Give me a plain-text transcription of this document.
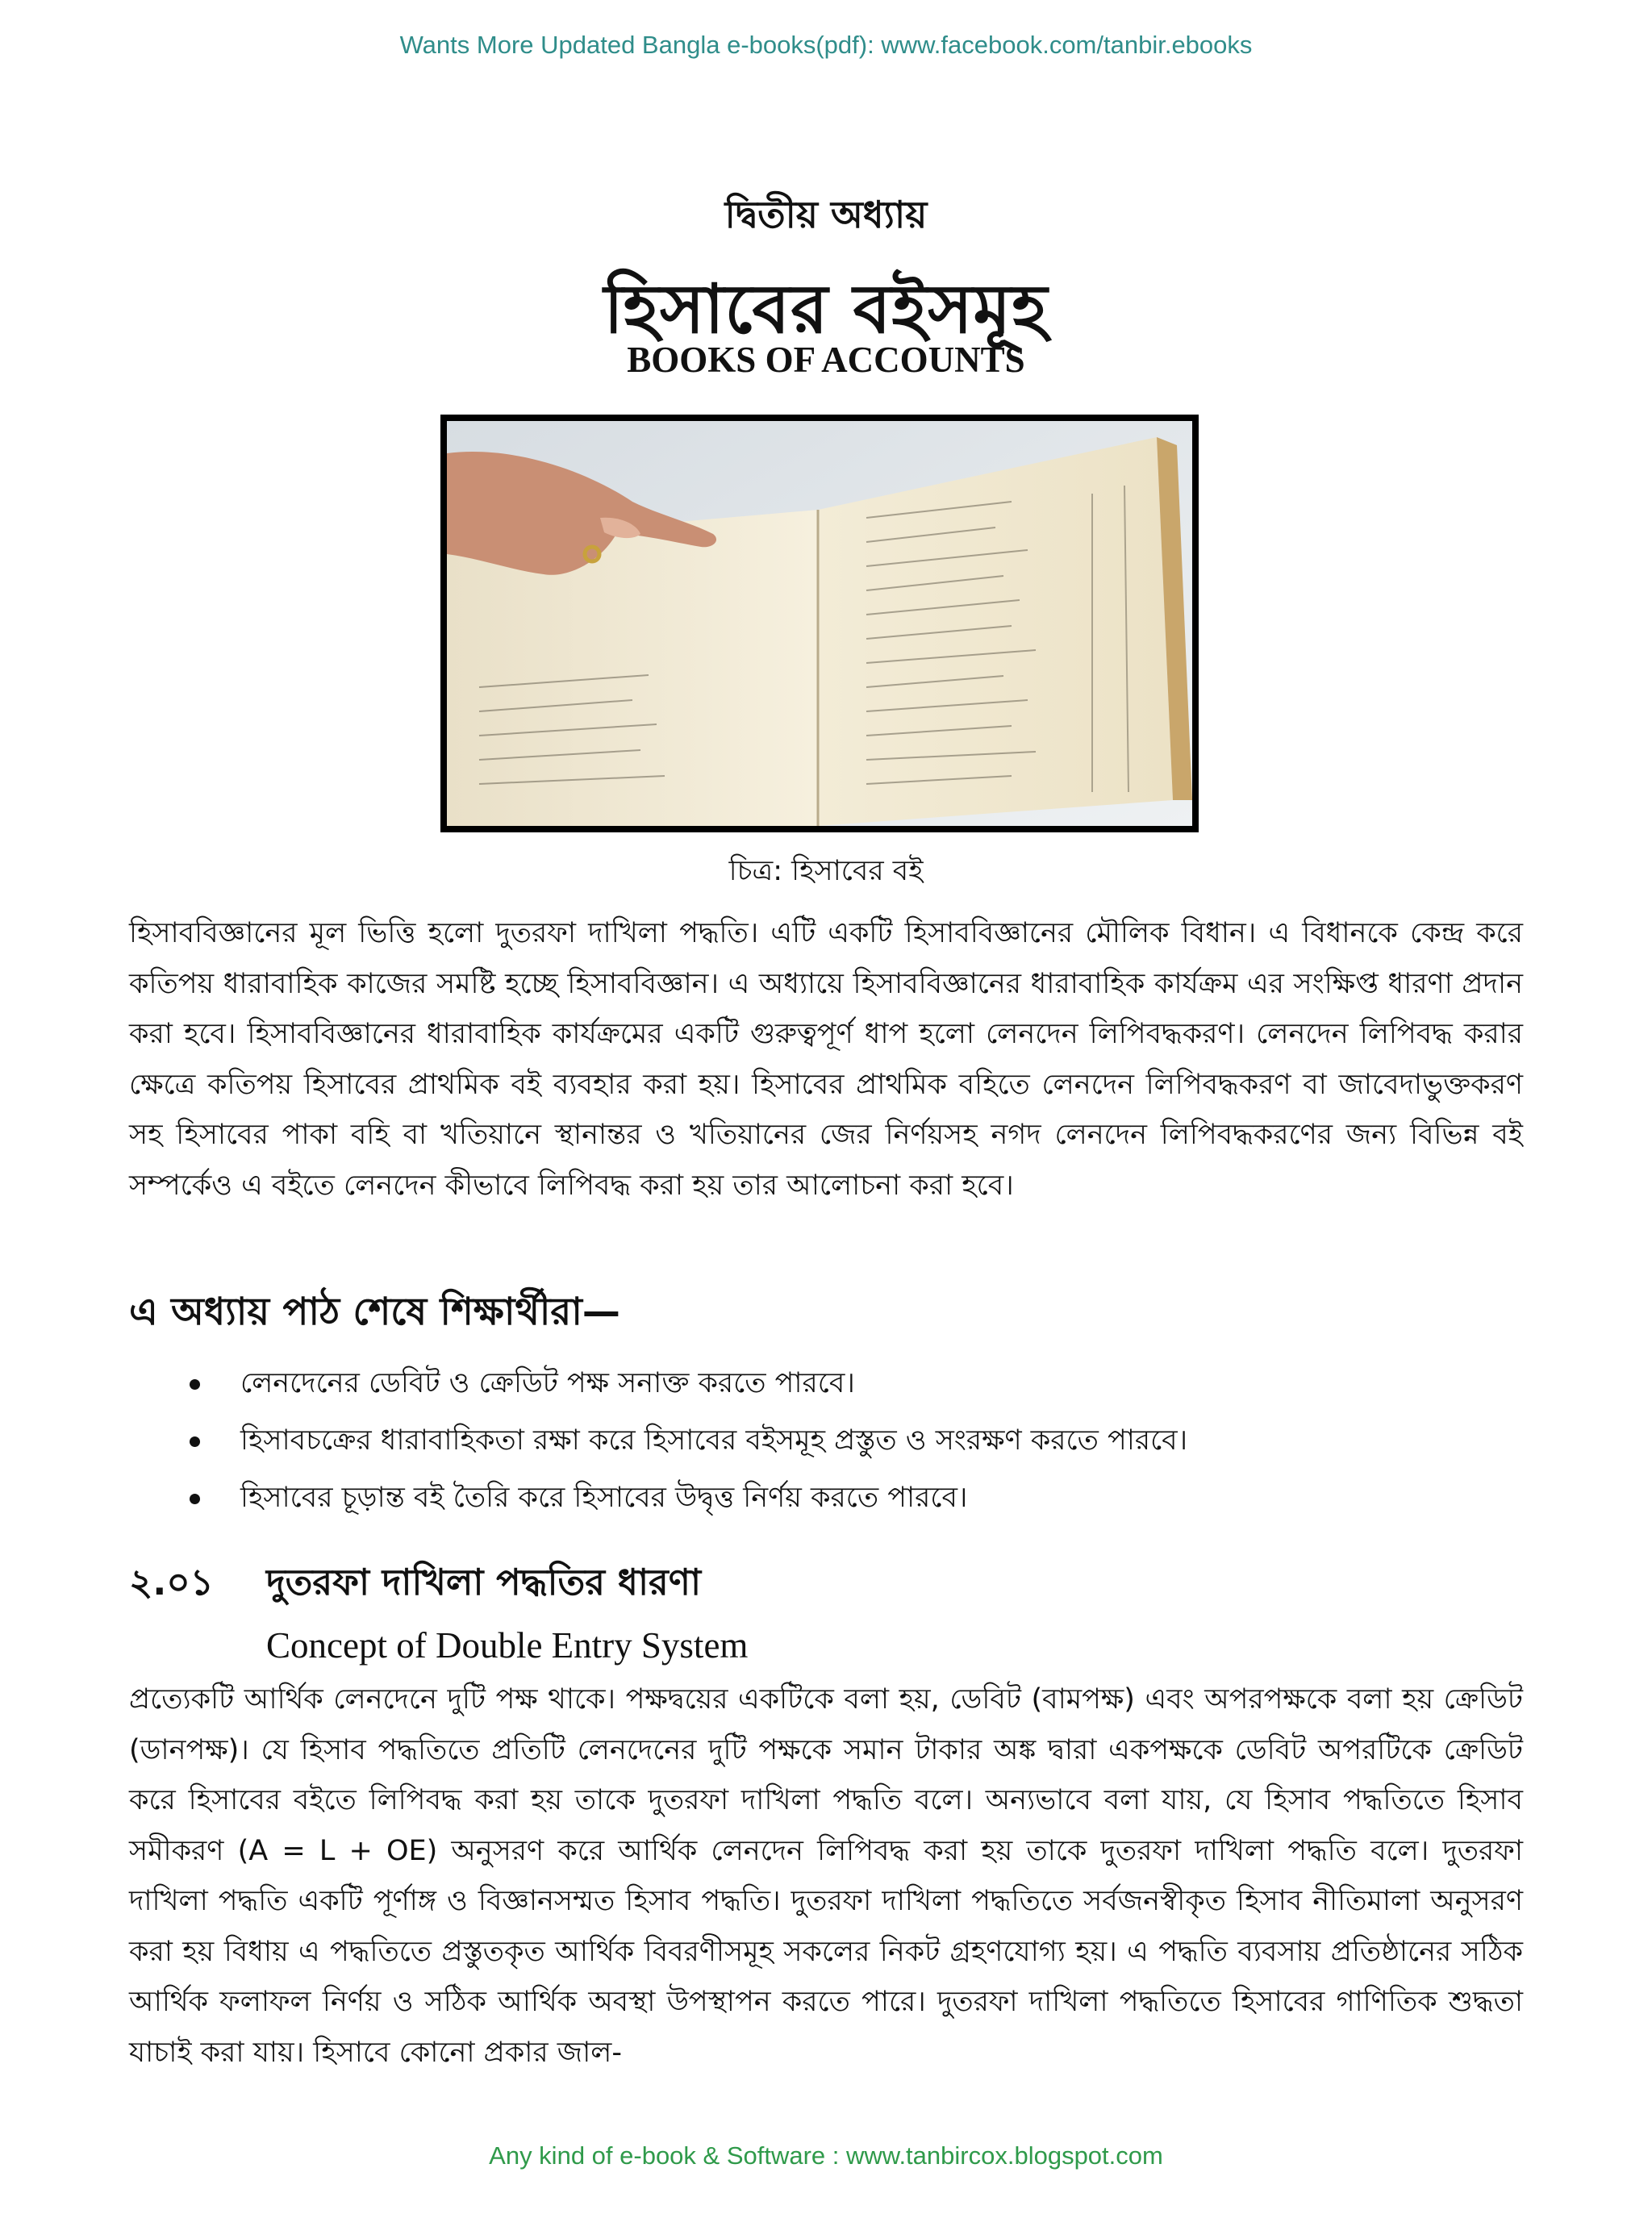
Wants More Updated Bangla e-books(pdf): www.facebook.com/tanbir.ebooks
দ্বিতীয় অধ্যায়
হিসাবের বইসমূহ
BOOKS OF ACCOUNTS
চিত্র: হিসাবের বই

হিসাববিজ্ঞানের মূল ভিত্তি হলো দুতরফা দাখিলা পদ্ধতি। এটি একটি হিসাববিজ্ঞানের মৌলিক বিধান। এ বিধানকে কেন্দ্র করে কতিপয় ধারাবাহিক কাজের সমষ্টি হচ্ছে হিসাববিজ্ঞান। এ অধ্যায়ে হিসাববিজ্ঞানের ধারাবাহিক কার্যক্রম এর সংক্ষিপ্ত ধারণা প্রদান করা হবে। হিসাববিজ্ঞানের ধারাবাহিক কার্যক্রমের একটি গুরুত্বপূর্ণ ধাপ হলো লেনদেন লিপিবদ্ধকরণ। লেনদেন লিপিবদ্ধ করার ক্ষেত্রে কতিপয় হিসাবের প্রাথমিক বই ব্যবহার করা হয়। হিসাবের প্রাথমিক বহিতে লেনদেন লিপিবদ্ধকরণ বা জাবেদাভুক্তকরণ সহ হিসাবের পাকা বহি বা খতিয়ানে স্থানান্তর ও খতিয়ানের জের নির্ণয়সহ নগদ লেনদেন লিপিবদ্ধকরণের জন্য বিভিন্ন বই সম্পর্কেও এ বইতে লেনদেন কীভাবে লিপিবদ্ধ করা হয় তার আলোচনা করা হবে।

এ অধ্যায় পাঠ শেষে শিক্ষার্থীরা—
লেনদেনের ডেবিট ও ক্রেডিট পক্ষ সনাক্ত করতে পারবে।
হিসাবচক্রের ধারাবাহিকতা রক্ষা করে হিসাবের বইসমূহ প্রস্তুত ও সংরক্ষণ করতে পারবে।
হিসাবের চূড়ান্ত বই তৈরি করে হিসাবের উদ্বৃত্ত নির্ণয় করতে পারবে।
২.০১ দুতরফা দাখিলা পদ্ধতির ধারণা
Concept of Double Entry System

প্রত্যেকটি আর্থিক লেনদেনে দুটি পক্ষ থাকে। পক্ষদ্বয়ের একটিকে বলা হয়, ডেবিট (বামপক্ষ) এবং অপরপক্ষকে বলা হয় ক্রেডিট (ডানপক্ষ)। যে হিসাব পদ্ধতিতে প্রতিটি লেনদেনের দুটি পক্ষকে সমান টাকার অঙ্ক দ্বারা একপক্ষকে ডেবিট অপরটিকে ক্রেডিট করে হিসাবের বইতে লিপিবদ্ধ করা হয় তাকে দুতরফা দাখিলা পদ্ধতি বলে। অন্যভাবে বলা যায়, যে হিসাব পদ্ধতিতে হিসাব সমীকরণ (A = L + OE) অনুসরণ করে আর্থিক লেনদেন লিপিবদ্ধ করা হয় তাকে দুতরফা দাখিলা পদ্ধতি বলে। দুতরফা দাখিলা পদ্ধতি একটি পূর্ণাঙ্গ ও বিজ্ঞানসম্মত হিসাব পদ্ধতি। দুতরফা দাখিলা পদ্ধতিতে সর্বজনস্বীকৃত হিসাব নীতিমালা অনুসরণ করা হয় বিধায় এ পদ্ধতিতে প্রস্তুতকৃত আর্থিক বিবরণীসমূহ সকলের নিকট গ্রহণযোগ্য হয়। এ পদ্ধতি ব্যবসায় প্রতিষ্ঠানের সঠিক আর্থিক ফলাফল নির্ণয় ও সঠিক আর্থিক অবস্থা উপস্থাপন করতে পারে। দুতরফা দাখিলা পদ্ধতিতে হিসাবের গাণিতিক শুদ্ধতা যাচাই করা যায়। হিসাবে কোনো প্রকার জাল-

Any kind of e-book & Software : www.tanbircox.blogspot.com
